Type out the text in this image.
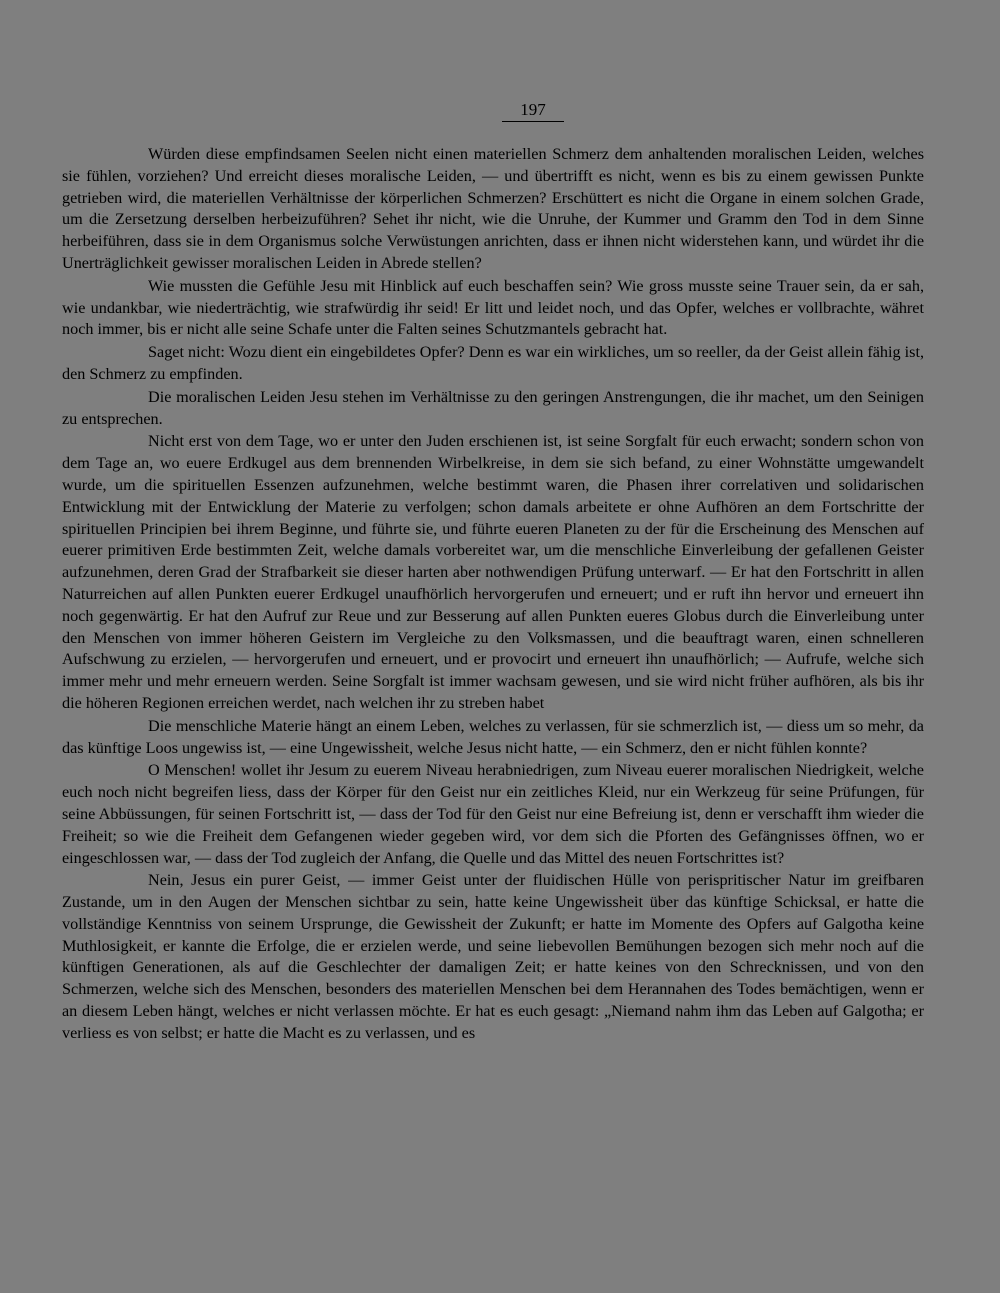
197

Würden diese empfindsamen Seelen nicht einen materiellen Schmerz dem anhaltenden moralischen Leiden, welches sie fühlen, vorziehen? Und erreicht dieses moralische Leiden, — und übertrifft es nicht, wenn es bis zu einem gewissen Punkte getrieben wird, die materiellen Verhältnisse der körperlichen Schmerzen? Erschüttert es nicht die Organe in einem solchen Grade, um die Zersetzung derselben herbeizuführen? Sehet ihr nicht, wie die Unruhe, der Kummer und Gramm den Tod in dem Sinne herbeiführen, dass sie in dem Organismus solche Verwüstungen anrichten, dass er ihnen nicht widerstehen kann, und würdet ihr die Unerträglichkeit gewisser moralischen Leiden in Abrede stellen?

Wie mussten die Gefühle Jesu mit Hinblick auf euch beschaffen sein? Wie gross musste seine Trauer sein, da er sah, wie undankbar, wie niederträchtig, wie strafwürdig ihr seid! Er litt und leidet noch, und das Opfer, welches er vollbrachte, währet noch immer, bis er nicht alle seine Schafe unter die Falten seines Schutzmantels gebracht hat.

Saget nicht: Wozu dient ein eingebildetes Opfer? Denn es war ein wirkliches, um so reeller, da der Geist allein fähig ist, den Schmerz zu empfinden.

Die moralischen Leiden Jesu stehen im Verhältnisse zu den geringen Anstrengungen, die ihr machet, um den Seinigen zu entsprechen.

Nicht erst von dem Tage, wo er unter den Juden erschienen ist, ist seine Sorgfalt für euch erwacht; sondern schon von dem Tage an, wo euere Erdkugel aus dem brennenden Wirbelkreise, in dem sie sich befand, zu einer Wohnstätte umgewandelt wurde, um die spirituellen Essenzen aufzunehmen, welche bestimmt waren, die Phasen ihrer correlativen und solidarischen Entwicklung mit der Entwicklung der Materie zu verfolgen; schon damals arbeitete er ohne Aufhören an dem Fortschritte der spirituellen Principien bei ihrem Beginne, und führte sie, und führte eueren Planeten zu der für die Erscheinung des Menschen auf euerer primitiven Erde bestimmten Zeit, welche damals vorbereitet war, um die menschliche Einverleibung der gefallenen Geister aufzunehmen, deren Grad der Strafbarkeit sie dieser harten aber nothwendigen Prüfung unterwarf. — Er hat den Fortschritt in allen Naturreichen auf allen Punkten euerer Erdkugel unaufhörlich hervorgerufen und erneuert; und er ruft ihn hervor und erneuert ihn noch gegenwärtig. Er hat den Aufruf zur Reue und zur Besserung auf allen Punkten eueres Globus durch die Einverleibung unter den Menschen von immer höheren Geistern im Vergleiche zu den Volksmassen, und die beauftragt waren, einen schnelleren Aufschwung zu erzielen, — hervorgerufen und erneuert, und er provocirt und erneuert ihn unaufhörlich; — Aufrufe, welche sich immer mehr und mehr erneuern werden. Seine Sorgfalt ist immer wachsam gewesen, und sie wird nicht früher aufhören, als bis ihr die höheren Regionen erreichen werdet, nach welchen ihr zu streben habet

Die menschliche Materie hängt an einem Leben, welches zu verlassen, für sie schmerzlich ist, — diess um so mehr, da das künftige Loos ungewiss ist, — eine Ungewissheit, welche Jesus nicht hatte, — ein Schmerz, den er nicht fühlen konnte?

O Menschen! wollet ihr Jesum zu euerem Niveau herabniedrigen, zum Niveau euerer moralischen Niedrigkeit, welche euch noch nicht begreifen liess, dass der Körper für den Geist nur ein zeitliches Kleid, nur ein Werkzeug für seine Prüfungen, für seine Abbüssungen, für seinen Fortschritt ist, — dass der Tod für den Geist nur eine Befreiung ist, denn er verschafft ihm wieder die Freiheit; so wie die Freiheit dem Gefangenen wieder gegeben wird, vor dem sich die Pforten des Gefängnisses öffnen, wo er eingeschlossen war, — dass der Tod zugleich der Anfang, die Quelle und das Mittel des neuen Fortschrittes ist?

Nein, Jesus ein purer Geist, — immer Geist unter der fluidischen Hülle von perispritischer Natur im greifbaren Zustande, um in den Augen der Menschen sichtbar zu sein, hatte keine Ungewissheit über das künftige Schicksal, er hatte die vollständige Kenntniss von seinem Ursprunge, die Gewissheit der Zukunft; er hatte im Momente des Opfers auf Galgotha keine Muthlosigkeit, er kannte die Erfolge, die er erzielen werde, und seine liebevollen Bemühungen bezogen sich mehr noch auf die künftigen Generationen, als auf die Geschlechter der damaligen Zeit; er hatte keines von den Schrecknissen, und von den Schmerzen, welche sich des Menschen, besonders des materiellen Menschen bei dem Herannahen des Todes bemächtigen, wenn er an diesem Leben hängt, welches er nicht verlassen möchte. Er hat es euch gesagt: „Niemand nahm ihm das Leben auf Galgotha; er verliess es von selbst; er hatte die Macht es zu verlassen, und es
